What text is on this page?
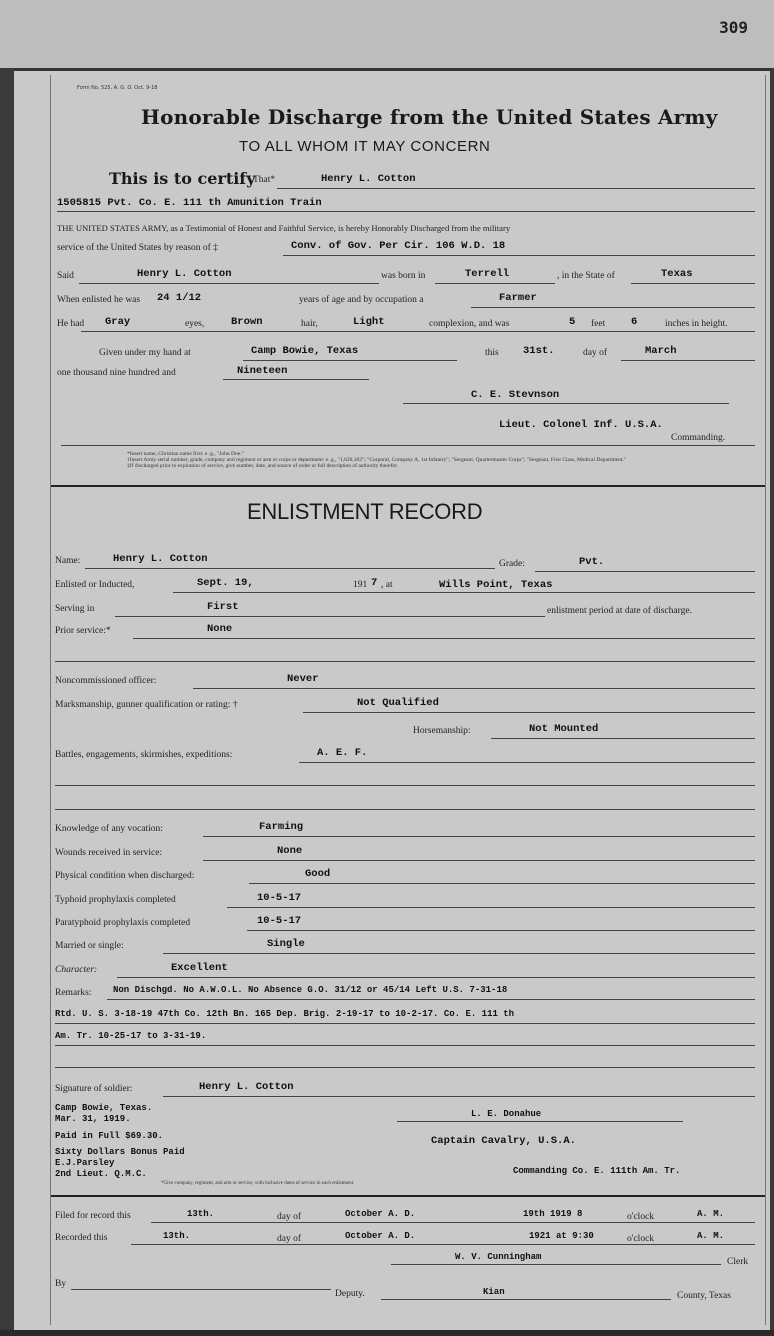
309
Form No. 525, A. G. O. Oct. 9-18
Honorable Discharge from the United States Army
TO ALL WHOM IT MAY CONCERN
This is to certify
That*	Henry L. Cotton
1505815 Pvt. Co. E. 111 th Amunition Train
THE UNITED STATES ARMY, as a Testimonial of Honest and Faithful Service, is hereby Honorably Discharged from the military
service of the United States by reason of ‡	Conv. of Gov. Per Cir. 106 W.D. 18
Said	Henry L. Cotton	was born in	Terrell	, in the State of	Texas
When enlisted he was 24 1/12	years of age and by occupation a	Farmer
He had Gray	eyes,	Brown	hair,	Light	complexion, and was	5 feet 6	inches in height.
Given under my hand at	Camp Bowie, Texas	this 31st.	day of	March
one thousand nine hundred and	Nineteen
C. E. Stevnson
Lieut. Colonel Inf. U.S.A.
Commanding.
*Insert name, Christian name first: e. g., "John Doe."
†Insert Army serial number, grade, company and regiment or arm or corps or department: e. g., "1,620,302"; "Corporal, Company A, 1st Infantry"; "Sergeant, Quartermaster Corps"; "Sergeant, First Class, Medical Department."
‡If discharged prior to expiration of service, give number, date, and source of order or full description of authority therefor.
ENLISTMENT RECORD
Name:	Henry L. Cotton	Grade:	Pvt.
Enlisted or Inducted,	Sept. 19,	191 7 , at	Wills Point, Texas
Serving in	First	enlistment period at date of discharge.
Prior service:*	None
Noncommissioned officer:	Never
Marksmanship, gunner qualification or rating: †	Not Qualified
Horsemanship:	Not Mounted
Battles, engagements, skirmishes, expeditions:	A. E. F.
Knowledge of any vocation:	Farming
Wounds received in service:	None
Physical condition when discharged:	Good
Typhoid prophylaxis completed	10-5-17
Paratyphoid prophylaxis completed	10-5-17
Married or single:	Single
Character:	Excellent
Remarks: Non Dischgd. No A.W.O.L. No Absence G.O. 31/12 or 45/14 Left U.S. 7-31-18
Rtd. U. S. 3-18-19 47th Co. 12th Bn. 165 Dep. Brig. 2-19-17 to 10-2-17. Co. E. 111 th
Am. Tr. 10-25-17 to 3-31-19.
Signature of soldier:	Henry L. Cotton
Camp Bowie, Texas.
Mar. 31, 1919.
Paid in Full $69.30.
Sixty Dollars Bonus Paid
E.J.Parsley
2nd Lieut. Q.M.C.
L. E. Donahue
Captain Cavalry, U.S.A.
Commanding Co. E. 111th Am. Tr.
*Give company, regiment, and arm or service, with inclusive dates of service in each enlistment.
Filed for record this	13th.	day of	October A. D.	19th 1919 8	o'clock	A. M.
Recorded this	13th.	day of	October A. D.	1921 at 9:30	o'clock	A. M.
W. V. Cunningham	Clerk
By
Deputy.	Kian	County, Texas
